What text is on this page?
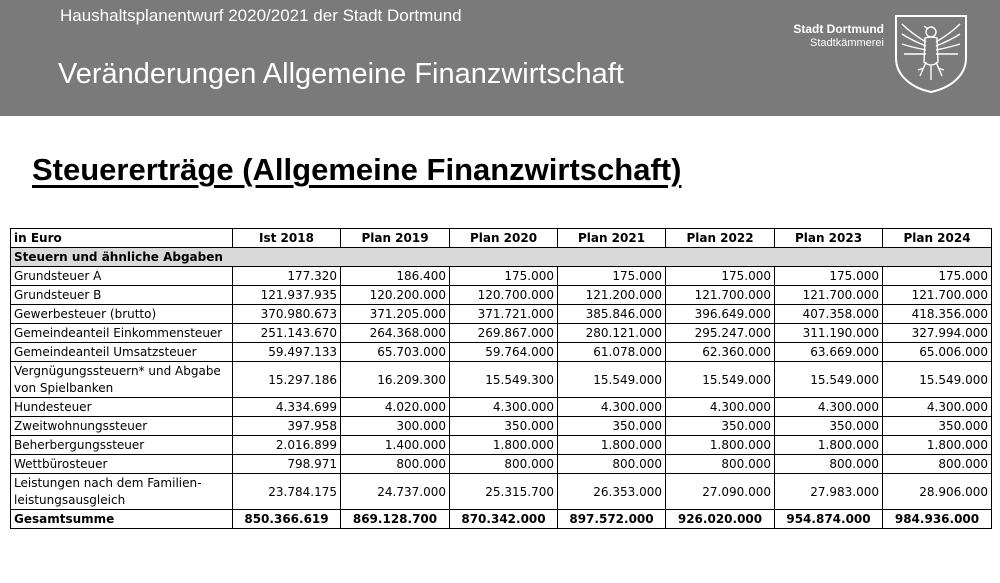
Haushaltsplanentwurf 2020/2021 der Stadt Dortmund
Veränderungen Allgemeine Finanzwirtschaft
Stadt Dortmund
Stadtkämmerei
Steuererträge (Allgemeine Finanzwirtschaft)
in Euro	Ist 2018	Plan 2019	Plan 2020	Plan 2021	Plan 2022	Plan 2023	Plan 2024
Steuern und ähnliche Abgaben							
Grundsteuer A	177.320	186.400	175.000	175.000	175.000	175.000	175.000
Grundsteuer B	121.937.935	120.200.000	120.700.000	121.200.000	121.700.000	121.700.000	121.700.000
Gewerbesteuer (brutto)	370.980.673	371.205.000	371.721.000	385.846.000	396.649.000	407.358.000	418.356.000
Gemeindeanteil Einkommensteuer	251.143.670	264.368.000	269.867.000	280.121.000	295.247.000	311.190.000	327.994.000
Gemeindeanteil Umsatzsteuer	59.497.133	65.703.000	59.764.000	61.078.000	62.360.000	63.669.000	65.006.000
Vergnügungssteuern* und Abgabe von Spielbanken	15.297.186	16.209.300	15.549.300	15.549.000	15.549.000	15.549.000	15.549.000
Hundesteuer	4.334.699	4.020.000	4.300.000	4.300.000	4.300.000	4.300.000	4.300.000
Zweitwohnungssteuer	397.958	300.000	350.000	350.000	350.000	350.000	350.000
Beherbergungssteuer	2.016.899	1.400.000	1.800.000	1.800.000	1.800.000	1.800.000	1.800.000
Wettbürosteuer	798.971	800.000	800.000	800.000	800.000	800.000	800.000
Leistungen nach dem Familien-leistungsausgleich	23.784.175	24.737.000	25.315.700	26.353.000	27.090.000	27.983.000	28.906.000
Gesamtsumme	850.366.619	869.128.700	870.342.000	897.572.000	926.020.000	954.874.000	984.936.000
